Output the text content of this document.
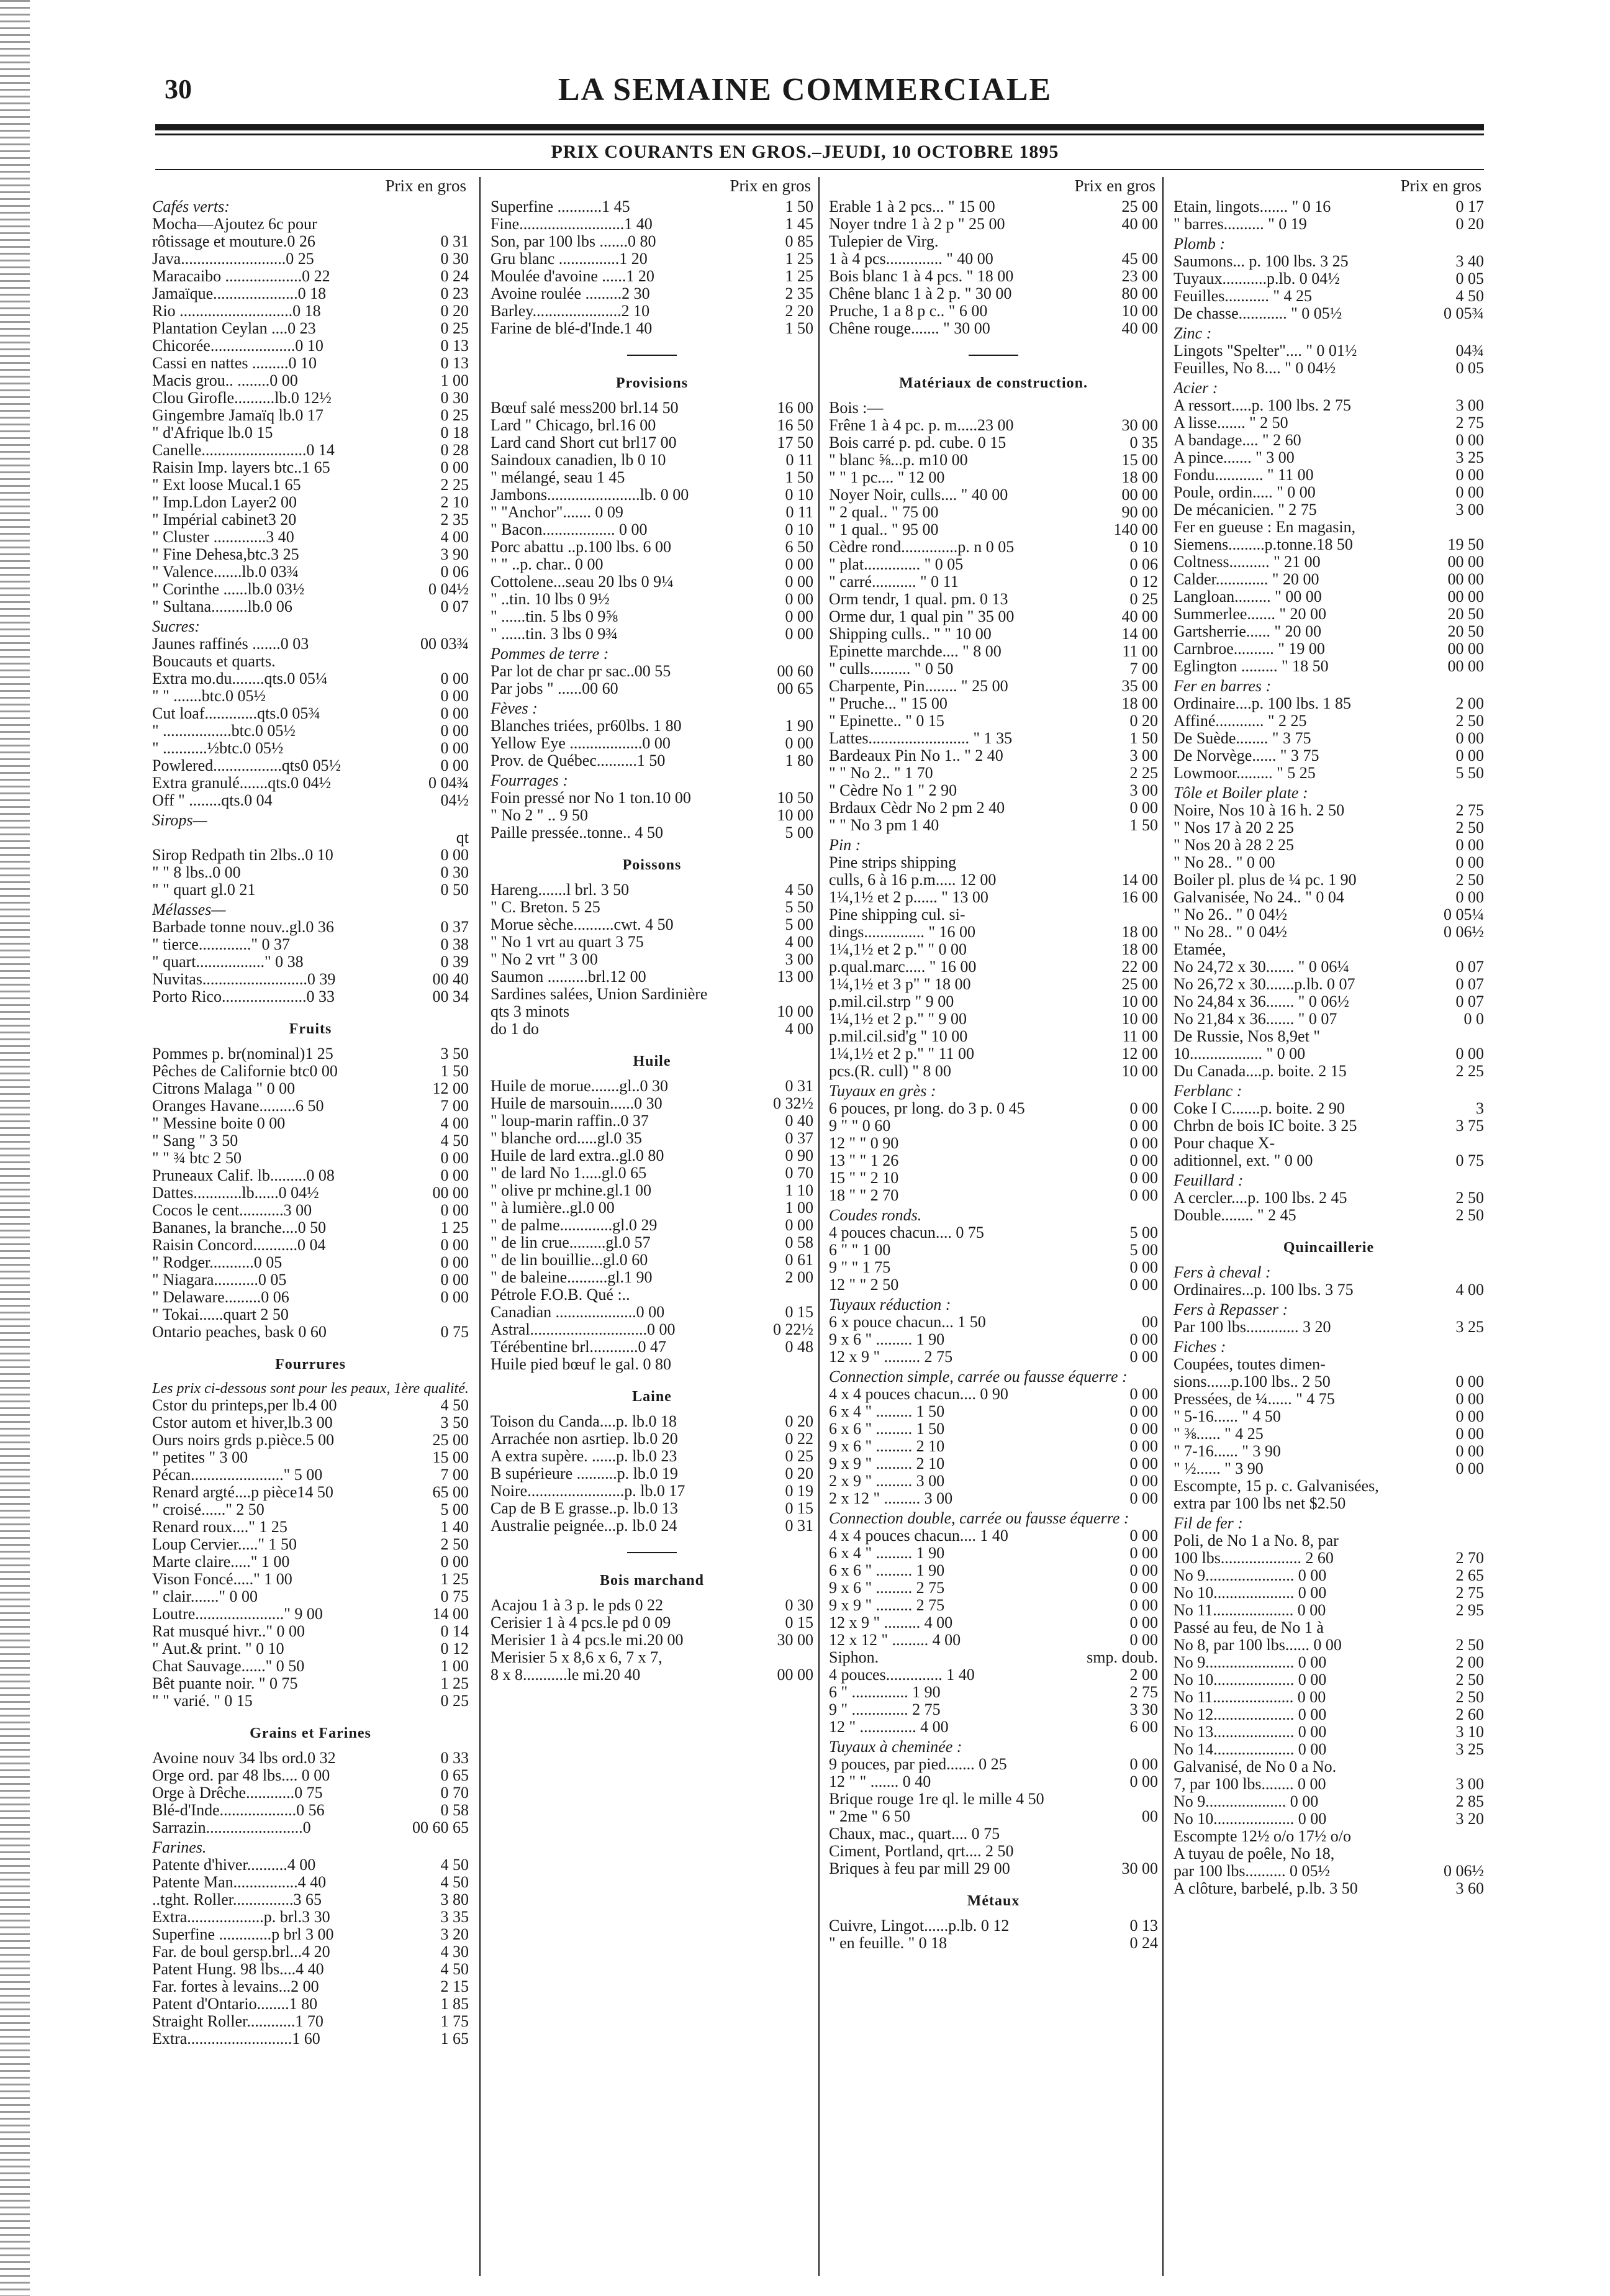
30	LA SEMAINE COMMERCIALE
PRIX COURANTS EN GROS.–JEUDI, 10 OCTOBRE 1895
Prix en gros
Cafés verts:
Mocha—Ajoutez 6c pour
rôtissage et mouture.0 26	0 31
Java..........................0 25	0 30
Maracaibo ...................0 22	0 24
Jamaïque.....................0 18	0 23
Rio ............................0 18	0 20
Plantation Ceylan ....0 23	0 25
Chicorée.....................0 10	0 13
Cassi en nattes .........0 10	0 13
Macis grou.. ........0 00	1 00
Clou Girofle..........lb.0 12½	0 30
Gingembre Jamaïq lb.0 17	0 25
" d'Afrique lb.0 15	0 18
Canelle..........................0 14	0 28
Raisin Imp. layers btc..1 65	0 00
" Ext loose Mucal.1 65	2 25
" Imp.Ldon Layer2 00	2 10
" Impérial cabinet3 20	2 35
" Cluster .............3 40	4 00
" Fine Dehesa,btc.3 25	3 90
" Valence.......lb.0 03¾	0 06
" Corinthe ......lb.0 03½	0 04½
" Sultana.........lb.0 06	0 07
Sucres:
Jaunes raffinés .......0 03	00 03¾
Boucauts et quarts.
Extra mo.du........qts.0 05¼	0 00
" " .......btc.0 05½	0 00
Cut loaf.............qts.0 05¾	0 00
" .................btc.0 05½	0 00
" ...........½btc.0 05½	0 00
Powlered.................qts0 05½	0 00
Extra granulé.......qts.0 04½	0 04¾
Off " ........qts.0 04	04½
Sirops—
qt
Sirop Redpath tin 2lbs..0 10	0 00
" " 8 lbs..0 00	0 30
" " quart gl.0 21	0 50
Mélasses—
Barbade tonne nouv..gl.0 36	0 37
" tierce............." 0 37	0 38
" quart................." 0 38	0 39
Nuvitas..........................0 39	00 40
Porto Rico.....................0 33	00 34
Fruits
Pommes p. br(nominal)1 25	3 50
Pêches de Californie btc0 00	1 50
Citrons Malaga " 0 00	12 00
Oranges Havane.........6 50	7 00
" Messine boite 0 00	4 00
" Sang " 3 50	4 50
" " ¾ btc 2 50	0 00
Pruneaux Calif. lb.........0 08	0 00
Dattes............lb......0 04½	00 00
Cocos le cent...........3 00	0 00
Bananes, la branche....0 50	1 25
Raisin Concord...........0 04	0 00
" Rodger...........0 05	0 00
" Niagara...........0 05	0 00
" Delaware.........0 06	0 00
" Tokai......quart 2 50
Ontario peaches, bask 0 60	0 75
Fourrures
Les prix ci-dessous sont pour les peaux, 1ère qualité.
Cstor du printeps,per lb.4 00	4 50
Cstor autom et hiver,lb.3 00	3 50
Ours noirs grds p.pièce.5 00	25 00
" petites " 3 00	15 00
Pécan......................." 5 00	7 00
Renard argté....p pièce14 50	65 00
" croisé......" 2 50	5 00
Renard roux...." 1 25	1 40
Loup Cervier....." 1 50	2 50
Marte claire....." 1 00	0 00
Vison Foncé....." 1 00	1 25
" clair......." 0 00	0 75
Loutre......................" 9 00	14 00
Rat musqué hivr.." 0 00	0 14
" Aut.& print. " 0 10	0 12
Chat Sauvage......" 0 50	1 00
Bêt puante noir. " 0 75	1 25
" " varié. " 0 15	0 25
Grains et Farines
Avoine nouv 34 lbs ord.0 32	0 33
Orge ord. par 48 lbs.... 0 00	0 65
Orge à Drêche............0 75	0 70
Blé-d'Inde...................0 56	0 58
Sarrazin........................0	00 60 65
Farines.
Patente d'hiver..........4 00	4 50
Patente Man................4 40	4 50
..tght. Roller...............3 65	3 80
Extra...................p. brl.3 30	3 35
Superfine .............p brl 3 00	3 20
Far. de boul gersp.brl...4 20	4 30
Patent Hung. 98 lbs....4 40	4 50
Far. fortes à levains...2 00	2 15
Patent d'Ontario........1 80	1 85
Straight Roller............1 70	1 75
Extra..........................1 60	1 65
Prix en gros
Superfine ...........1 45	1 50
Fine..........................1 40	1 45
Son, par 100 lbs .......0 80	0 85
Gru blanc ...............1 20	1 25
Moulée d'avoine ......1 20	1 25
Avoine roulée .........2 30	2 35
Barley......................2 10	2 20
Farine de blé-d'Inde.1 40	1 50
Provisions
Bœuf salé mess200 brl.14 50	16 00
Lard " Chicago, brl.16 00	16 50
Lard cand Short cut brl17 00	17 50
Saindoux canadien, lb 0 10	0 11
" mélangé, seau 1 45	1 50
Jambons.......................lb. 0 00	0 10
" "Anchor"....... 0 09	0 11
" Bacon.................. 0 00	0 10
Porc abattu ..p.100 lbs. 6 00	6 50
" " ..p. char.. 0 00	0 00
Cottolene...seau 20 lbs 0 9¼	0 00
" ..tin. 10 lbs 0 9½	0 00
" ......tin. 5 lbs 0 9⅝	0 00
" ......tin. 3 lbs 0 9¾	0 00
Pommes de terre :
Par lot de char pr sac..00 55	00 60
Par jobs " ......00 60	00 65
Fèves :
Blanches triées, pr60lbs. 1 80	1 90
Yellow Eye ..................0 00	0 00
Prov. de Québec..........1 50	1 80
Fourrages :
Foin pressé nor No 1 ton.10 00	10 50
" No 2 " .. 9 50	10 00
Paille pressée..tonne.. 4 50	5 00
Poissons
Hareng.......l brl. 3 50	4 50
" C. Breton. 5 25	5 50
Morue sèche..........cwt. 4 50	5 00
" No 1 vrt au quart 3 75	4 00
" No 2 vrt " 3 00	3 00
Saumon ..........brl.12 00	13 00
Sardines salées, Union Sardinière
qts 3 minots	10 00
do 1 do	4 00
Huile
Huile de morue.......gl..0 30	0 31
Huile de marsouin......0 30	0 32½
" loup-marin raffin..0 37	0 40
" blanche ord.....gl.0 35	0 37
Huile de lard extra..gl.0 80	0 90
" de lard No 1.....gl.0 65	0 70
" olive pr mchine.gl.1 00	1 10
" à lumière..gl.0 00	1 00
" de palme.............gl.0 29	0 00
" de lin crue.........gl.0 57	0 58
" de lin bouillie...gl.0 60	0 61
" de baleine..........gl.1 90	2 00
Pétrole F.O.B. Qué :..
Canadian ....................0 00	0 15
Astral.............................0 00	0 22½
Térébentine brl............0 47	0 48
Huile pied bœuf le gal. 0 80
Laine
Toison du Canda....p. lb.0 18	0 20
Arrachée non asrtiep. lb.0 20	0 22
A extra supère. ......p. lb.0 23	0 25
B supérieure ..........p. lb.0 19	0 20
Noire........................p. lb.0 17	0 19
Cap de B E grasse..p. lb.0 13	0 15
Australie peignée...p. lb.0 24	0 31
Bois marchand
Acajou 1 à 3 p. le pds 0 22	0 30
Cerisier 1 à 4 pcs.le pd 0 09	0 15
Merisier 1 à 4 pcs.le mi.20 00	30 00
Merisier 5 x 8,6 x 6, 7 x 7,
8 x 8...........le mi.20 40	00 00
Prix en gros
Erable 1 à 2 pcs... " 15 00	25 00
Noyer tndre 1 à 2 p " 25 00	40 00
Tulepier de Virg.
1 à 4 pcs.............. " 40 00	45 00
Bois blanc 1 à 4 pcs. " 18 00	23 00
Chêne blanc 1 à 2 p. " 30 00	80 00
Pruche, 1 a 8 p c.. " 6 00	10 00
Chêne rouge....... " 30 00	40 00
Matériaux de construction.
Bois :—
Frêne 1 à 4 pc. p. m.....23 00	30 00
Bois carré p. pd. cube. 0 15	0 35
" blanc ⅝...p. m10 00	15 00
" " 1 pc.... " 12 00	18 00
Noyer Noir, culls.... " 40 00	00 00
" 2 qual.. " 75 00	90 00
" 1 qual.. " 95 00	140 00
Cèdre rond..............p. n 0 05	0 10
" plat.............. " 0 05	0 06
" carré........... " 0 11	0 12
Orm tendr, 1 qual. pm. 0 13	0 25
Orme dur, 1 qual pin " 35 00	40 00
Shipping culls.. " " 10 00	14 00
Epinette marchde.... " 8 00	11 00
" culls.......... " 0 50	7 00
Charpente, Pin........ " 25 00	35 00
" Pruche... " 15 00	18 00
" Epinette.. " 0 15	0 20
Lattes......................... " 1 35	1 50
Bardeaux Pin No 1.. " 2 40	3 00
" " No 2.. " 1 70	2 25
" Cèdre No 1 " 2 90	3 00
Brdaux Cèdr No 2 pm 2 40	0 00
" " No 3 pm 1 40	1 50
Pin :
Pine strips shipping
culls, 6 à 16 p.m..... 12 00	14 00
1¼,1½ et 2 p...... " 13 00	16 00
Pine shipping cul. si-
dings............... " 16 00	18 00
1¼,1½ et 2 p." " 0 00	18 00
p.qual.marc..... " 16 00	22 00
1¼,1½ et 3 p" " 18 00	25 00
p.mil.cil.strp " 9 00	10 00
1¼,1½ et 2 p." " 9 00	10 00
p.mil.cil.sid'g " 10 00	11 00
1¼,1½ et 2 p." " 11 00	12 00
pcs.(R. cull) " 8 00	10 00
Tuyaux en grès :
6 pouces, pr long. do 3 p. 0 45	0 00
9 " " 0 60	0 00
12 " " 0 90	0 00
13 " " 1 26	0 00
15 " " 2 10	0 00
18 " " 2 70	0 00
Coudes ronds.
4 pouces chacun.... 0 75	5 00
6 " " 1 00	5 00
9 " " 1 75	0 00
12 " " 2 50	0 00
Tuyaux réduction :
6 x pouce chacun... 1 50	00
9 x 6 " ......... 1 90	0 00
12 x 9 " ......... 2 75	0 00
Connection simple, carrée ou fausse équerre :
4 x 4 pouces chacun.... 0 90	0 00
6 x 4 " ......... 1 50	0 00
6 x 6 " ......... 1 50	0 00
9 x 6 " ......... 2 10	0 00
9 x 9 " ......... 2 10	0 00
2 x 9 " ......... 3 00	0 00
2 x 12 " ......... 3 00	0 00
Connection double, carrée ou fausse équerre :
4 x 4 pouces chacun.... 1 40	0 00
6 x 4 " ......... 1 90	0 00
6 x 6 " ......... 1 90	0 00
9 x 6 " ......... 2 75	0 00
9 x 9 " ......... 2 75	0 00
12 x 9 " ......... 4 00	0 00
12 x 12 " ......... 4 00	0 00
Siphon.	smp. doub.
4 pouces.............. 1 40	2 00
6 " .............. 1 90	2 75
9 " .............. 2 75	3 30
12 " .............. 4 00	6 00
Tuyaux à cheminée :
9 pouces, par pied....... 0 25	0 00
12 " " ....... 0 40	0 00
Brique rouge 1re ql. le mille 4 50
" 2me " 6 50	00
Chaux, mac., quart.... 0 75
Ciment, Portland, qrt.... 2 50
Briques à feu par mill 29 00	30 00
Métaux
Cuivre, Lingot......p.lb. 0 12	0 13
" en feuille. " 0 18	0 24
Prix en gros
Etain, lingots....... " 0 16	0 17
" barres.......... " 0 19	0 20
Plomb :
Saumons... p. 100 lbs. 3 25	3 40
Tuyaux...........p.lb. 0 04½	0 05
Feuilles........... " 4 25	4 50
De chasse............ " 0 05½	0 05¾
Zinc :
Lingots "Spelter".... " 0 01½	04¾
Feuilles, No 8.... " 0 04½	0 05
Acier :
A ressort.....p. 100 lbs. 2 75	3 00
A lisse....... " 2 50	2 75
A bandage.... " 2 60	0 00
A pince....... " 3 00	3 25
Fondu............ " 11 00	0 00
Poule, ordin..... " 0 00	0 00
De mécanicien. " 2 75	3 00
Fer en gueuse : En magasin,
Siemens.........p.tonne.18 50	19 50
Coltness.......... " 21 00	00 00
Calder............. " 20 00	00 00
Langloan......... " 00 00	00 00
Summerlee....... " 20 00	20 50
Gartsherrie...... " 20 00	20 50
Carnbroe.......... " 19 00	00 00
Eglington ......... " 18 50	00 00
Fer en barres :
Ordinaire....p. 100 lbs. 1 85	2 00
Affiné............ " 2 25	2 50
De Suède........ " 3 75	0 00
De Norvège...... " 3 75	0 00
Lowmoor......... " 5 25	5 50
Tôle et Boiler plate :
Noire, Nos 10 à 16 h. 2 50	2 75
" Nos 17 à 20 2 25	2 50
" Nos 20 à 28 2 25	0 00
" No 28.. " 0 00	0 00
Boiler pl. plus de ¼ pc. 1 90	2 50
Galvanisée, No 24.. " 0 04	0 00
" No 26.. " 0 04½	0 05¼
" No 28.. " 0 04½	0 06½
Etamée,
No 24,72 x 30....... " 0 06¼	0 07
No 26,72 x 30.......p.lb. 0 07	0 07
No 24,84 x 36....... " 0 06½	0 07
No 21,84 x 36....... " 0 07	0 0
De Russie, Nos 8,9et "
10.................. " 0 00	0 00
Du Canada....p. boite. 2 15	2 25
Ferblanc :
Coke I C.......p. boite. 2 90	3
Chrbn de bois IC boite. 3 25	3 75
Pour chaque X-
aditionnel, ext. " 0 00	0 75
Feuillard :
A cercler....p. 100 lbs. 2 45	2 50
Double........ " 2 45	2 50
Quincaillerie
Fers à cheval :
Ordinaires...p. 100 lbs. 3 75	4 00
Fers à Repasser :
Par 100 lbs............. 3 20	3 25
Fiches :
Coupées, toutes dimen-
sions......p.100 lbs.. 2 50	0 00
Pressées, de ¼...... " 4 75	0 00
" 5-16...... " 4 50	0 00
" ⅜...... " 4 25	0 00
" 7-16...... " 3 90	0 00
" ½...... " 3 90	0 00
Escompte, 15 p. c. Galvanisées,
extra par 100 lbs net $2.50
Fil de fer :
Poli, de No 1 a No. 8, par
100 lbs.................... 2 60	2 70
No 9...................... 0 00	2 65
No 10.................... 0 00	2 75
No 11.................... 0 00	2 95
Passé au feu, de No 1 à
No 8, par 100 lbs...... 0 00	2 50
No 9...................... 0 00	2 00
No 10.................... 0 00	2 50
No 11.................... 0 00	2 50
No 12.................... 0 00	2 60
No 13.................... 0 00	3 10
No 14.................... 0 00	3 25
Galvanisé, de No 0 a No.
7, par 100 lbs........ 0 00	3 00
No 9.................... 0 00	2 85
No 10.................... 0 00	3 20
Escompte 12½ o/o 17½ o/o
A tuyau de poêle, No 18,
par 100 lbs.......... 0 05½	0 06½
A clôture, barbelé, p.lb. 3 50	3 60
